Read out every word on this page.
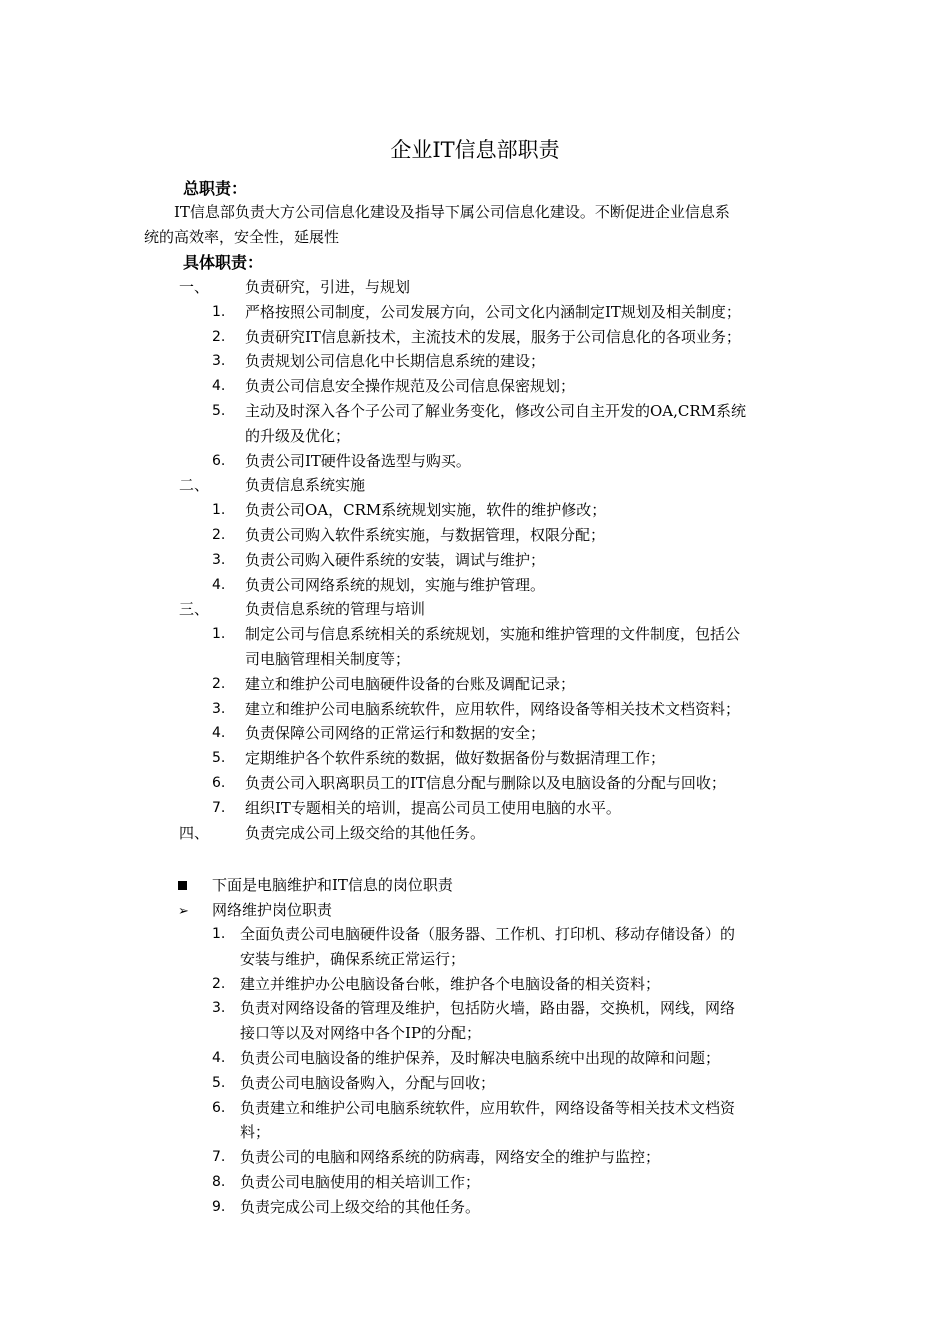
企业IT信息部职责
总职责：
IT信息部负责大方公司信息化建设及指导下属公司信息化建设。不断促进企业信息系
统的高效率，安全性，延展性
具体职责：
一、 负责研究，引进，与规划
1. 严格按照公司制度，公司发展方向，公司文化内涵制定IT规划及相关制度；
2. 负责研究IT信息新技术，主流技术的发展，服务于公司信息化的各项业务；
3. 负责规划公司信息化中长期信息系统的建设；
4. 负责公司信息安全操作规范及公司信息保密规划；
5. 主动及时深入各个子公司了解业务变化，修改公司自主开发的OA,CRM系统
的升级及优化；
6. 负责公司IT硬件设备选型与购买。
二、 负责信息系统实施
1. 负责公司OA，CRM系统规划实施，软件的维护修改；
2. 负责公司购入软件系统实施，与数据管理，权限分配；
3. 负责公司购入硬件系统的安装，调试与维护；
4. 负责公司网络系统的规划，实施与维护管理。
三、 负责信息系统的管理与培训
1. 制定公司与信息系统相关的系统规划，实施和维护管理的文件制度，包括公
司电脑管理相关制度等；
2. 建立和维护公司电脑硬件设备的台账及调配记录；
3. 建立和维护公司电脑系统软件，应用软件，网络设备等相关技术文档资料；
4. 负责保障公司网络的正常运行和数据的安全；
5. 定期维护各个软件系统的数据，做好数据备份与数据清理工作；
6. 负责公司入职离职员工的IT信息分配与删除以及电脑设备的分配与回收；
7. 组织IT专题相关的培训，提高公司员工使用电脑的水平。
四、 负责完成公司上级交给的其他任务。
下面是电脑维护和IT信息的岗位职责
➢ 网络维护岗位职责
1. 全面负责公司电脑硬件设备（服务器、工作机、打印机、移动存储设备）的
安装与维护，确保系统正常运行；
2. 建立并维护办公电脑设备台帐，维护各个电脑设备的相关资料；
3. 负责对网络设备的管理及维护，包括防火墙，路由器，交换机，网线，网络
接口等以及对网络中各个IP的分配；
4. 负责公司电脑设备的维护保养，及时解决电脑系统中出现的故障和问题；
5. 负责公司电脑设备购入，分配与回收；
6. 负责建立和维护公司电脑系统软件，应用软件，网络设备等相关技术文档资
料；
7. 负责公司的电脑和网络系统的防病毒，网络安全的维护与监控；
8. 负责公司电脑使用的相关培训工作；
9. 负责完成公司上级交给的其他任务。
